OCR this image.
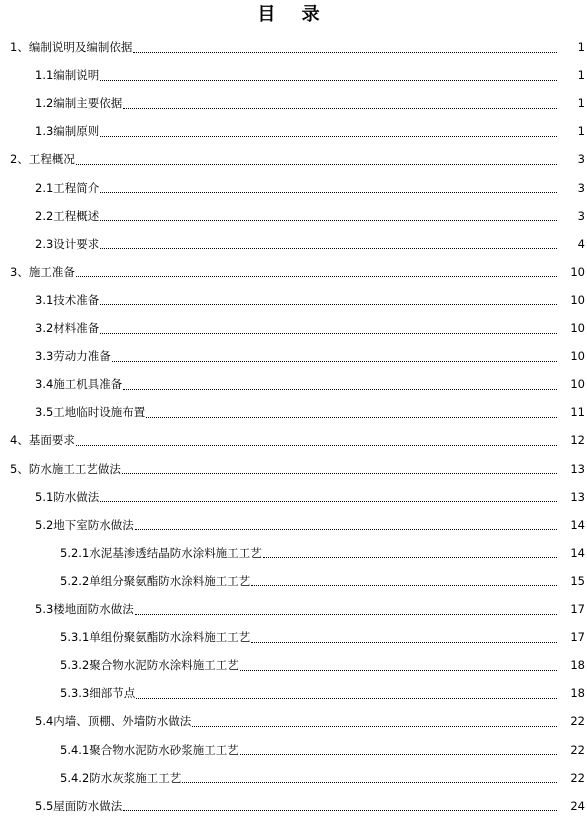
目 录
1、编制说明及编制依据	1
1.1编制说明	1
1.2编制主要依据	1
1.3编制原则	1
2、工程概况	3
2.1工程简介	3
2.2工程概述	3
2.3设计要求	4
3、施工准备	10
3.1技术准备	10
3.2材料准备	10
3.3劳动力准备	10
3.4施工机具准备	10
3.5工地临时设施布置	11
4、基面要求	12
5、防水施工工艺做法	13
5.1防水做法	13
5.2地下室防水做法	14
5.2.1水泥基渗透结晶防水涂料施工工艺	14
5.2.2单组分聚氨酯防水涂料施工工艺	15
5.3楼地面防水做法	17
5.3.1单组份聚氨酯防水涂料施工工艺	17
5.3.2聚合物水泥防水涂料施工工艺	18
5.3.3细部节点	18
5.4内墙、顶棚、外墙防水做法	22
5.4.1聚合物水泥防水砂浆施工工艺	22
5.4.2防水灰浆施工工艺	22
5.5屋面防水做法	24
